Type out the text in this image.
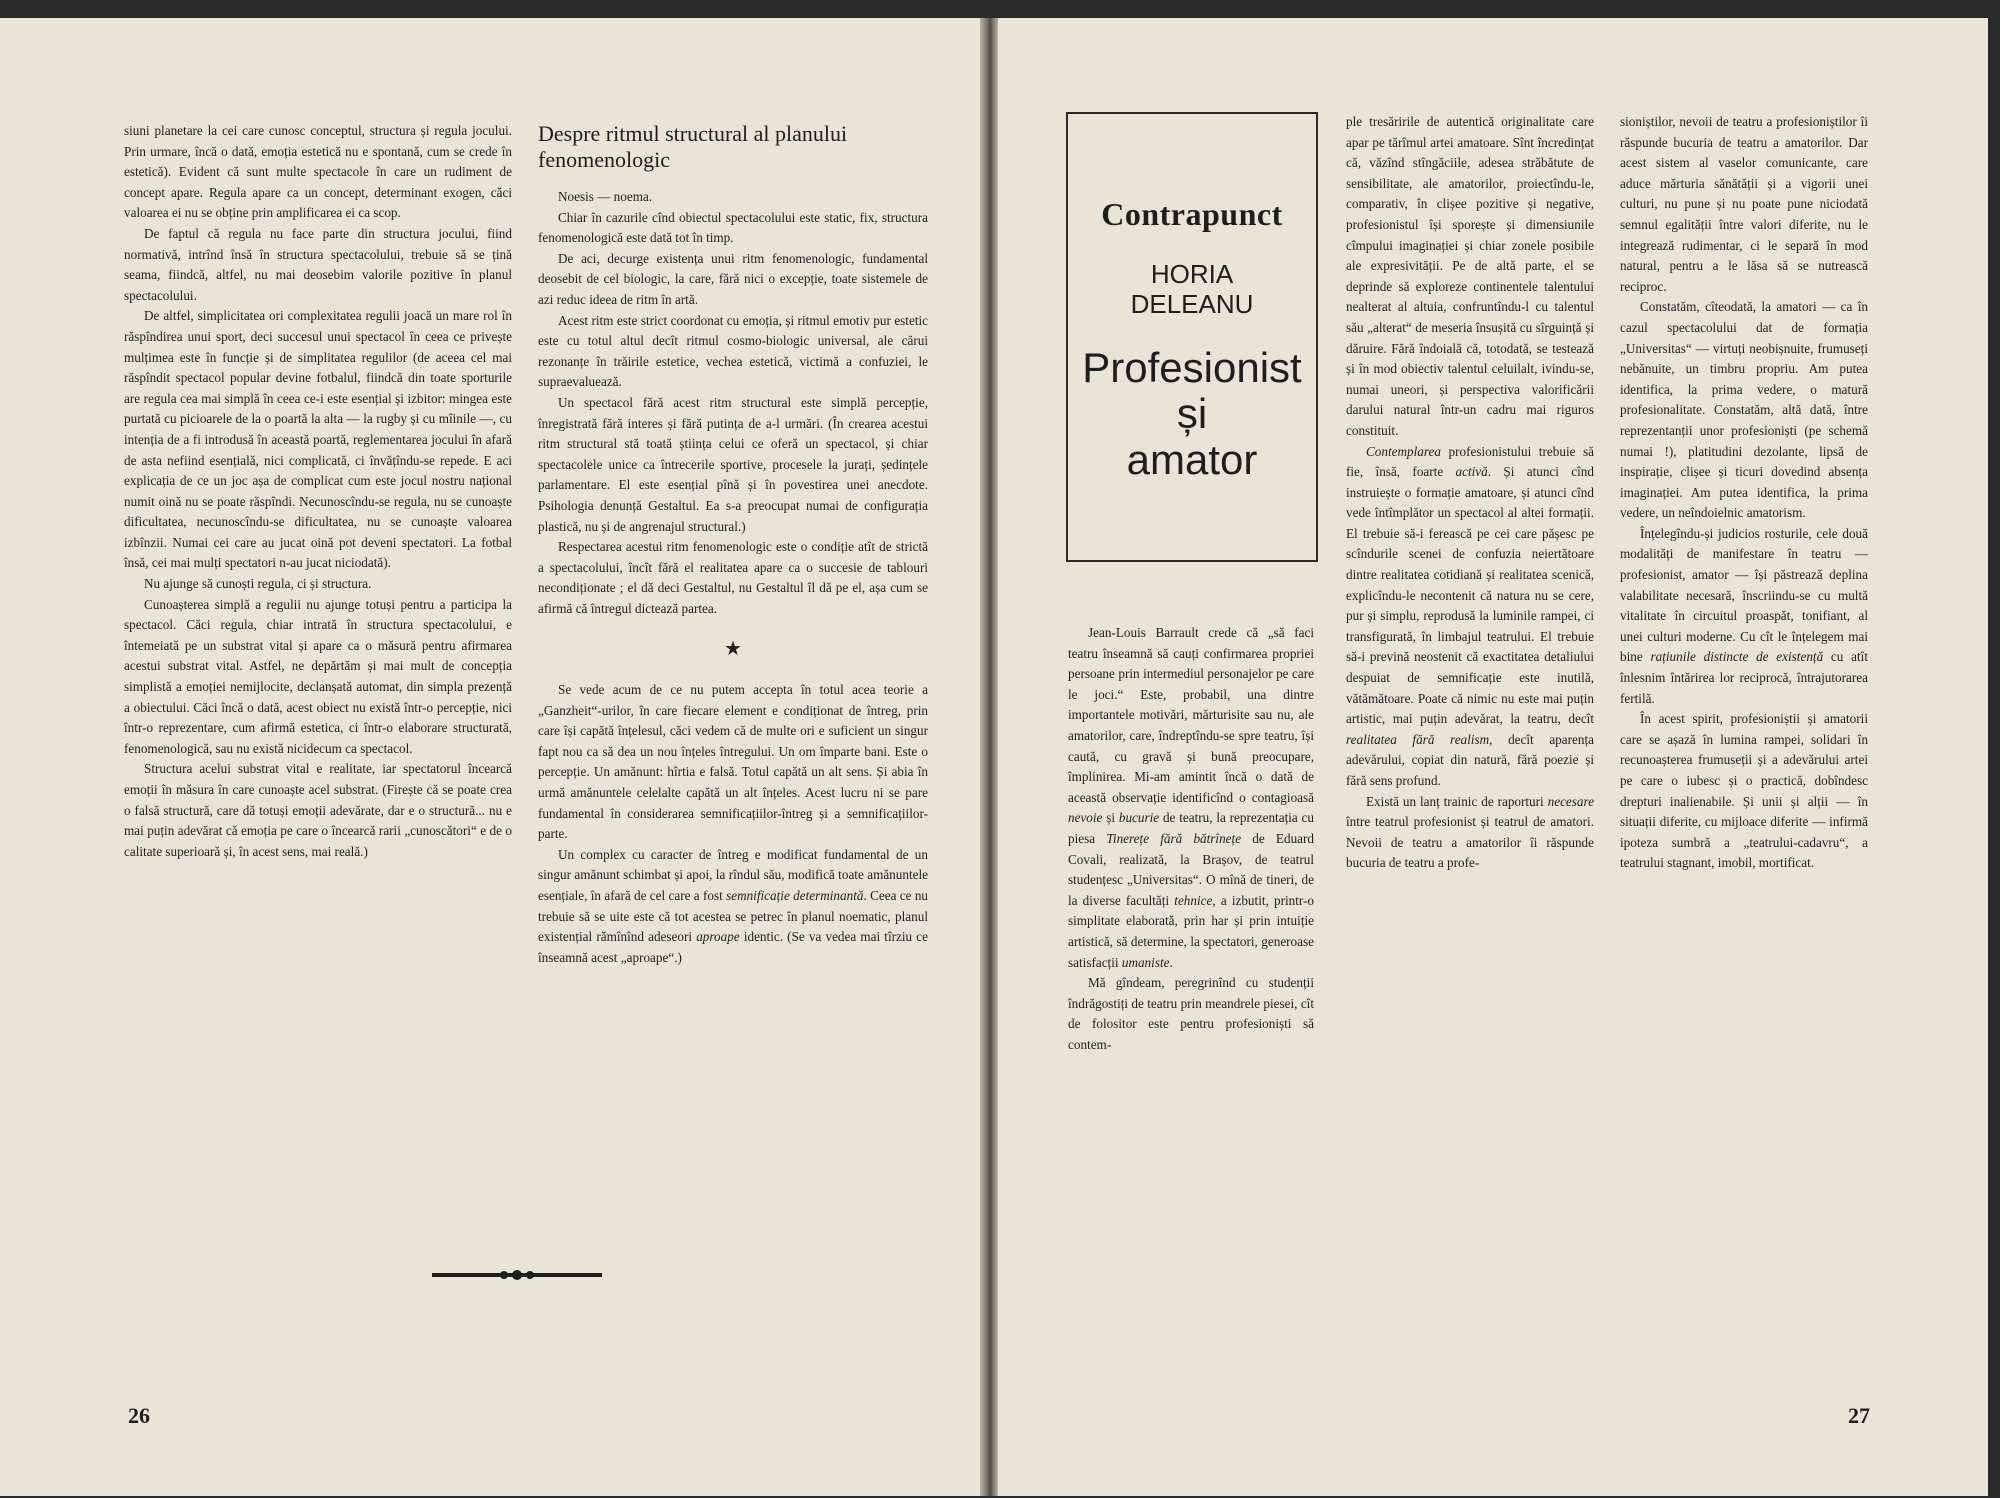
siuni planetare la cei care cunosc conceptul, structura și regula jocului. Prin urmare, încă o dată, emoția estetică nu e spontană, cum se crede în estetică). Evident că sunt multe spectacole în care un rudiment de concept apare. Regula apare ca un concept, determinant exogen, căci valoarea ei nu se obține prin amplificarea ei ca scop.

De faptul că regula nu face parte din structura jocului, fiind normativă, intrînd însă în structura spectacolului, trebuie să se țină seama, fiindcă, altfel, nu mai deosebim valorile pozitive în planul spectacolului.

De altfel, simplicitatea ori complexitatea regulii joacă un mare rol în răspîndirea unui sport, deci succesul unui spectacol în ceea ce privește mulțimea este în funcție și de simplitatea regulilor (de aceea cel mai răspîndit spectacol popular devine fotbalul, fiindcă din toate sporturile are regula cea mai simplă în ceea ce-i este esențial și izbitor: mingea este purtată cu picioarele de la o poartă la alta — la rugby și cu mîinile —, cu intenția de a fi introdusă în această poartă, reglementarea jocului în afară de asta nefiind esențială, nici complicată, ci învățîndu-se repede. E aci explicația de ce un joc așa de complicat cum este jocul nostru național numit oină nu se poate răspîndi. Necunoscîndu-se regula, nu se cunoaște dificultatea, necunoscîndu-se dificultatea, nu se cunoaște valoarea izbînzii. Numai cei care au jucat oină pot deveni spectatori. La fotbal însă, cei mai mulți spectatori n-au jucat niciodată).

Nu ajunge să cunoști regula, ci și structura.

Cunoașterea simplă a regulii nu ajunge totuși pentru a participa la spectacol. Căci regula, chiar intrată în structura spectacolului, e întemeiată pe un substrat vital și apare ca o măsură pentru afirmarea acestui substrat vital. Astfel, ne depărtăm și mai mult de concepția simplistă a emoției nemijlocite, declanșată automat, din simpla prezență a obiectului. Căci încă o dată, acest obiect nu există într-o percepție, nici într-o reprezentare, cum afirmă estetica, ci într-o elaborare structurată, fenomenologică, sau nu există nicidecum ca spectacol.

Structura acelui substrat vital e realitate, iar spectatorul încearcă emoții în măsura în care cunoaște acel substrat. (Firește că se poate crea o falsă structură, care dă totuși emoții adevărate, dar e o structură... nu e mai puțin adevărat că emoția pe care o încearcă rarii „cunoscători“ e de o calitate superioară și, în acest sens, mai reală.)

Despre ritmul structural al planului fenomenologic

Noesis — noema.

Chiar în cazurile cînd obiectul spectacolului este static, fix, structura fenomenologică este dată tot în timp.

De aci, decurge existența unui ritm fenomenologic, fundamental deosebit de cel biologic, la care, fără nici o excepție, toate sistemele de azi reduc ideea de ritm în artă.

Acest ritm este strict coordonat cu emoția, și ritmul emotiv pur estetic este cu totul altul decît ritmul cosmo-biologic universal, ale cărui rezonanțe în trăirile estetice, vechea estetică, victimă a confuziei, le supraevaluează.

Un spectacol fără acest ritm structural este simplă percepție, înregistrată fără interes și fără putința de a-l urmări. (În crearea acestui ritm structural stă toată știința celui ce oferă un spectacol, și chiar spectacolele unice ca întrecerile sportive, procesele la jurați, ședințele parlamentare. El este esențial pînă și în povestirea unei anecdote. Psihologia denunță Gestaltul. Ea s-a preocupat numai de configurația plastică, nu și de angrenajul structural.)

Respectarea acestui ritm fenomenologic este o condiție atît de strictă a spectacolului, încît fără el realitatea apare ca o succesie de tablouri necondiționate ; el dă deci Gestaltul, nu Gestaltul îl dă pe el, așa cum se afirmă că întregul dictează partea.

★

Se vede acum de ce nu putem accepta în totul acea teorie a „Ganzheit“-urilor, în care fiecare element e condiționat de întreg, prin care își capătă înțelesul, căci vedem că de multe ori e suficient un singur fapt nou ca să dea un nou înțeles întregului. Un om împarte bani. Este o percepție. Un amănunt: hîrtia e falsă. Totul capătă un alt sens. Și abia în urmă amănuntele celelalte capătă un alt înțeles. Acest lucru ni se pare fundamental în considerarea semnificațiilor-întreg și a semnificațiilor-parte.

Un complex cu caracter de întreg e modificat fundamental de un singur amănunt schimbat și apoi, la rîndul său, modifică toate amănuntele esențiale, în afară de cel care a fost semnificație determinantă. Ceea ce nu trebuie să se uite este că tot acestea se petrec în planul noematic, planul existențial rămînînd adeseori aproape identic. (Se va vedea mai tîrziu ce înseamnă acest „aproape“.)

26	27
Contrapunct
HORIA
DELEANU
Profesionist
și
amator

Jean-Louis Barrault crede că „să faci teatru înseamnă să cauți confirmarea propriei persoane prin intermediul personajelor pe care le joci.“ Este, probabil, una dintre importantele motivări, mărturisite sau nu, ale amatorilor, care, îndreptîndu-se spre teatru, își caută, cu gravă și bună preocupare, împlinirea. Mi-am amintit încă o dată de această observație identificînd o contagioasă nevoie și bucurie de teatru, la reprezentația cu piesa Tinerețe fără bătrînețe de Eduard Covali, realizată, la Brașov, de teatrul studențesc „Universitas“. O mînă de tineri, de la diverse facultăți tehnice, a izbutit, printr-o simplitate elaborată, prin har și prin intuiție artistică, să determine, la spectatori, generoase satisfacții umaniste.

Mă gîndeam, peregrinînd cu studenții îndrăgostiți de teatru prin meandrele piesei, cît de folositor este pentru profesioniști să contem-

ple tresăririle de autentică originalitate care apar pe tărîmul artei amatoare. Sînt încredințat că, văzînd stîngăciile, adesea străbătute de sensibilitate, ale amatorilor, proiectîndu-le, comparativ, în clișee pozitive și negative, profesionistul își sporește și dimensiunile cîmpului imaginației și chiar zonele posibile ale expresivității. Pe de altă parte, el se deprinde să exploreze continentele talentului nealterat al altuia, confruntîndu-l cu talentul său „alterat“ de meseria însușită cu sîrguință și dăruire. Fără îndoială că, totodată, se testează și în mod obiectiv talentul celuilalt, ivindu-se, numai uneori, și perspectiva valorificării darului natural într-un cadru mai riguros constituit.

Contemplarea profesionistului trebuie să fie, însă, foarte activă. Și atunci cînd instruiește o formație amatoare, și atunci cînd vede întîmplător un spectacol al altei formații. El trebuie să-i ferească pe cei care pășesc pe scîndurile scenei de confuzia neiertătoare dintre realitatea cotidiană și realitatea scenică, explicîndu-le necontenit că natura nu se cere, pur și simplu, reprodusă la luminile rampei, ci transfigurată, în limbajul teatrului. El trebuie să-i prevină neostenit că exactitatea detaliului despuiat de semnificație este inutilă, vătămătoare. Poate că nimic nu este mai puțin artistic, mai puțin adevărat, la teatru, decît realitatea fără realism, decît aparența adevărului, copiat din natură, fără poezie și fără sens profund.

Există un lanț trainic de raporturi necesare între teatrul profesionist și teatrul de amatori. Nevoii de teatru a amatorilor îi răspunde bucuria de teatru a profe-

sioniștilor, nevoii de teatru a profesioniștilor îi răspunde bucuria de teatru a amatorilor. Dar acest sistem al vaselor comunicante, care aduce mărturia sănătății și a vigorii unei culturi, nu pune și nu poate pune niciodată semnul egalității între valori diferite, nu le integrează rudimentar, ci le separă în mod natural, pentru a le lăsa să se nutrească reciproc.

Constatăm, cîteodată, la amatori — ca în cazul spectacolului dat de formația „Universitas“ — virtuți neobișnuite, frumuseți nebănuite, un timbru propriu. Am putea identifica, la prima vedere, o matură profesionalitate. Constatăm, altă dată, între reprezentanții unor profesioniști (pe schemă numai !), platitudini dezolante, lipsă de inspirație, clișee și ticuri dovedind absența imaginației. Am putea identifica, la prima vedere, un neîndoielnic amatorism.

Înțelegîndu-și judicios rosturile, cele două modalități de manifestare în teatru — profesionist, amator — își păstrează deplina valabilitate necesară, înscriindu-se cu multă vitalitate în circuitul proaspăt, tonifiant, al unei culturi moderne. Cu cît le înțelegem mai bine rațiunile distincte de existență cu atît înlesnim întărirea lor reciprocă, întrajutorarea fertilă.

În acest spirit, profesioniștii și amatorii care se așază în lumina rampei, solidari în recunoașterea frumuseții și a adevărului artei pe care o iubesc și o practică, dobîndesc drepturi inalienabile. Și unii și alții — în situații diferite, cu mijloace diferite — infirmă ipoteza sumbră a „teatrului-cadavru“, a teatrului stagnant, imobil, mortificat.
